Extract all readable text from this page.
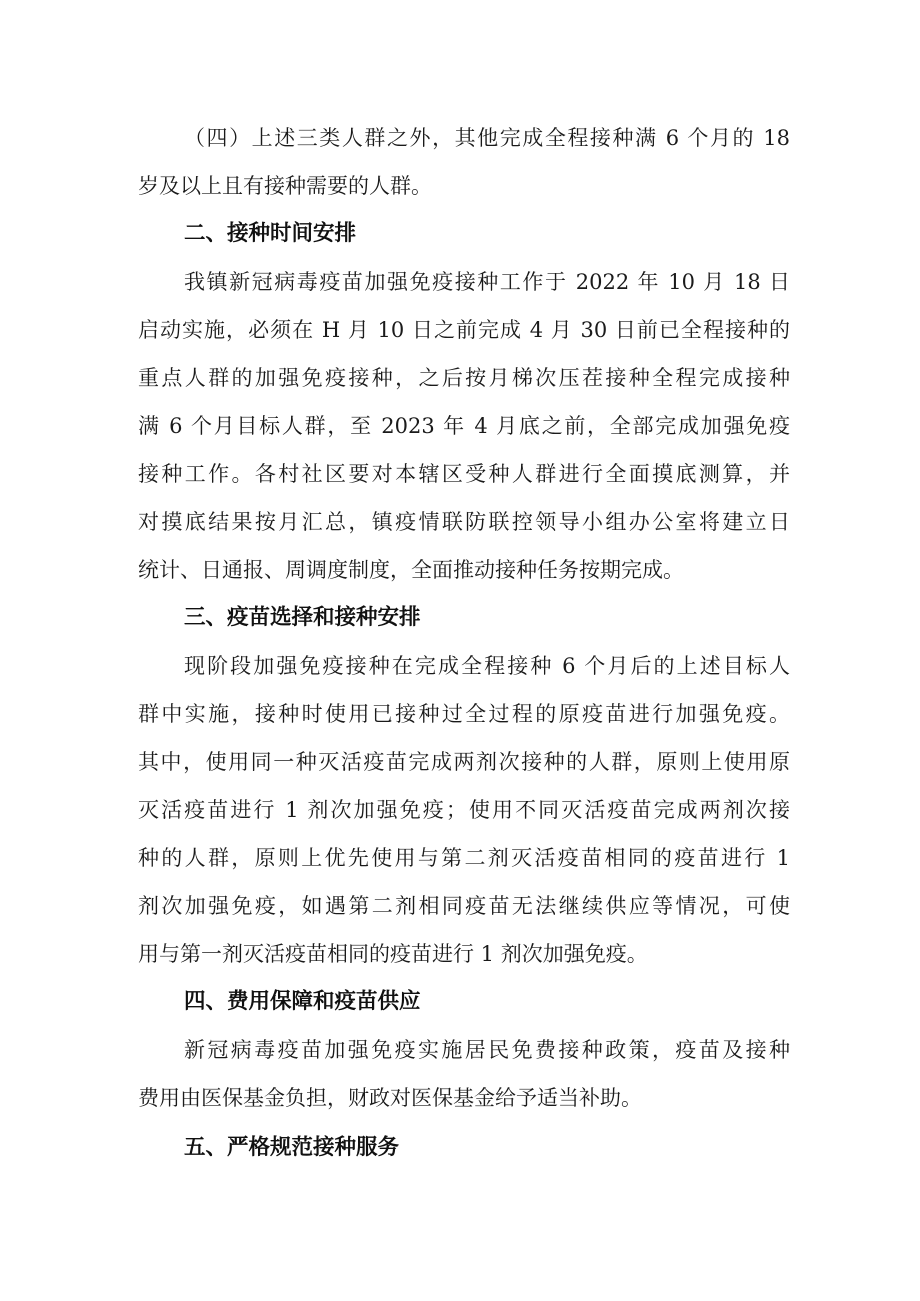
（四）上述三类人群之外，其他完成全程接种满 6 个月的 18
岁及以上且有接种需要的人群。
二、接种时间安排
我镇新冠病毒疫苗加强免疫接种工作于 2022 年 10 月 18 日
启动实施，必须在 H 月 10 日之前完成 4 月 30 日前已全程接种的
重点人群的加强免疫接种，之后按月梯次压茬接种全程完成接种
满 6 个月目标人群，至 2023 年 4 月底之前，全部完成加强免疫
接种工作。各村社区要对本辖区受种人群进行全面摸底测算，并
对摸底结果按月汇总，镇疫情联防联控领导小组办公室将建立日
统计、日通报、周调度制度，全面推动接种任务按期完成。
三、疫苗选择和接种安排
现阶段加强免疫接种在完成全程接种 6 个月后的上述目标人
群中实施，接种时使用已接种过全过程的原疫苗进行加强免疫。
其中，使用同一种灭活疫苗完成两剂次接种的人群，原则上使用原
灭活疫苗进行 1 剂次加强免疫；使用不同灭活疫苗完成两剂次接
种的人群，原则上优先使用与第二剂灭活疫苗相同的疫苗进行 1
剂次加强免疫，如遇第二剂相同疫苗无法继续供应等情况，可使
用与第一剂灭活疫苗相同的疫苗进行 1 剂次加强免疫。
四、费用保障和疫苗供应
新冠病毒疫苗加强免疫实施居民免费接种政策，疫苗及接种
费用由医保基金负担，财政对医保基金给予适当补助。
五、严格规范接种服务
